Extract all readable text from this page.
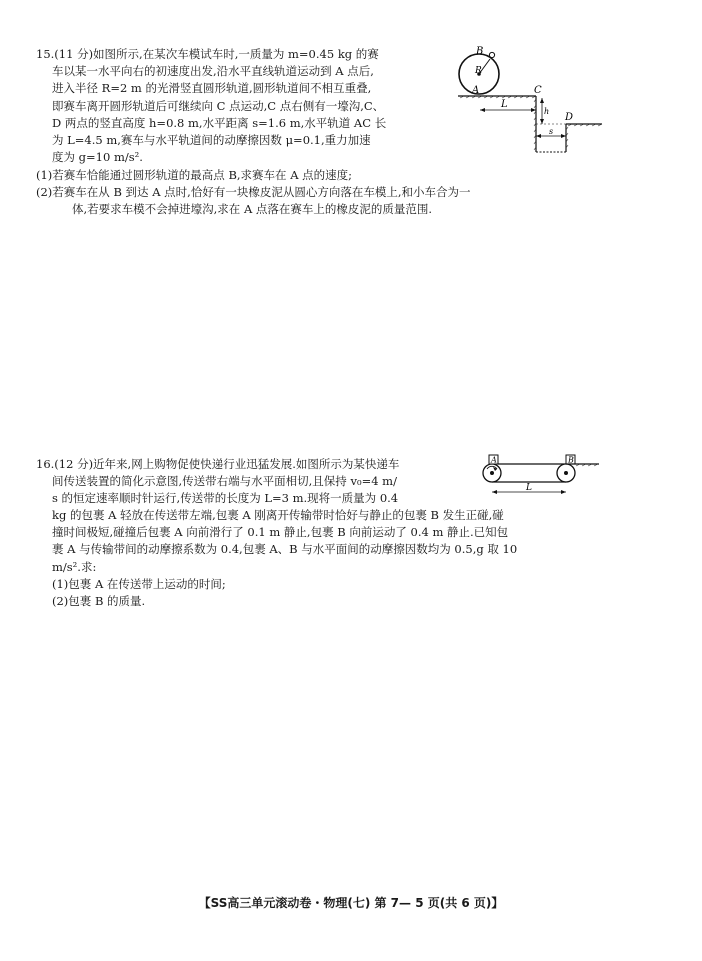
15.(11 分)如图所示,在某次车模试车时,一质量为 m=0.45 kg 的赛
车以某一水平向右的初速度出发,沿水平直线轨道运动到 A 点后,
进入半径 R=2 m 的光滑竖直圆形轨道,圆形轨道间不相互重叠,
即赛车离开圆形轨道后可继续向 C 点运动,C 点右侧有一壕沟,C、
D 两点的竖直高度 h=0.8 m,水平距离 s=1.6 m,水平轨道 AC 长
为 L=4.5 m,赛车与水平轨道间的动摩擦因数 μ=0.1,重力加速
度为 g=10 m/s².
(1)若赛车恰能通过圆形轨道的最高点 B,求赛车在 A 点的速度;
(2)若赛车在从 B 到达 A 点时,恰好有一块橡皮泥从圆心方向落在车模上,和小车合为一
体,若要求车模不会掉进壕沟,求在 A 点落在赛车上的橡皮泥的质量范围.
B
R
A
L
C
h
D
s
16.(12 分)近年来,网上购物促使快递行业迅猛发展.如图所示为某快递车
间传送装置的简化示意图,传送带右端与水平面相切,且保持 v₀=4 m/
s 的恒定速率顺时针运行,传送带的长度为 L=3 m.现将一质量为 0.4
kg 的包裹 A 轻放在传送带左端,包裹 A 刚离开传输带时恰好与静止的包裹 B 发生正碰,碰
撞时间极短,碰撞后包裹 A 向前滑行了 0.1 m 静止,包裹 B 向前运动了 0.4 m 静止.已知包
裹 A 与传输带间的动摩擦系数为 0.4,包裹 A、B 与水平面间的动摩擦因数均为 0.5,g 取 10
m/s².求:
(1)包裹 A 在传送带上运动的时间;
(2)包裹 B 的质量.
A	B
L
【SS高三单元滚动卷・物理(七) 第 7— 5 页(共 6 页)】
